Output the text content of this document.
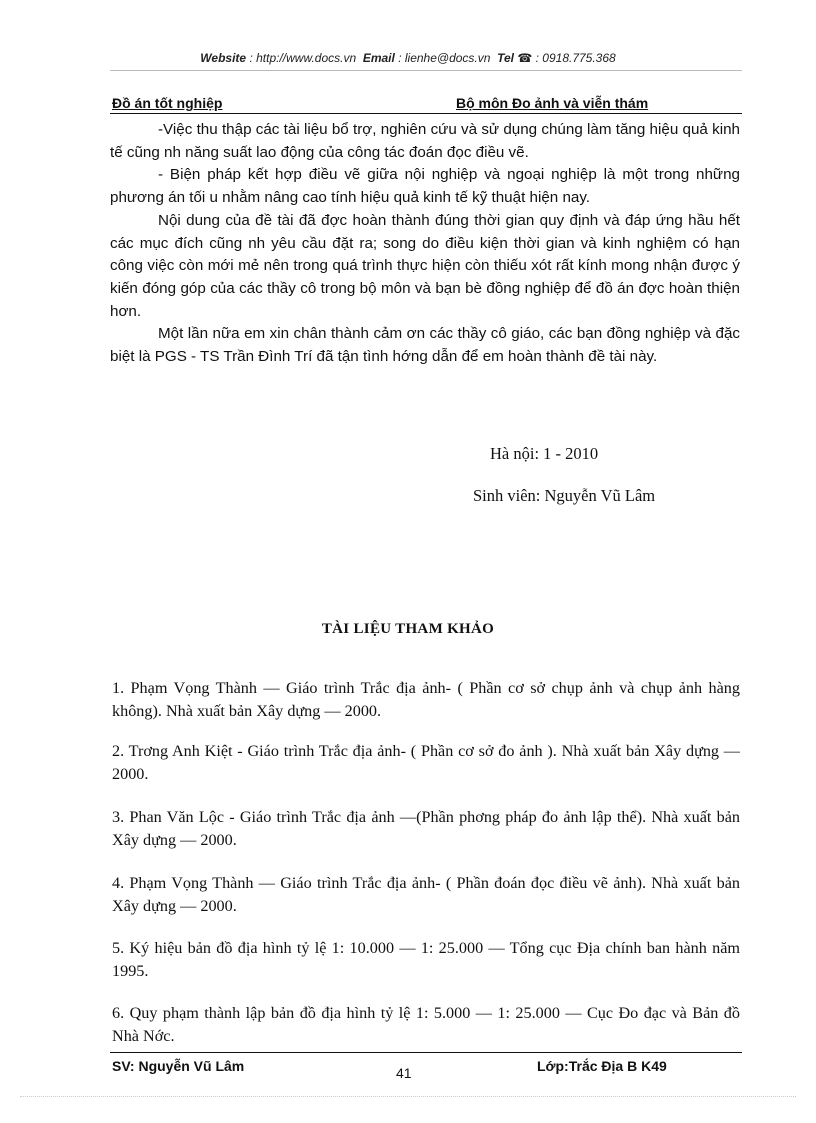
Website : http://www.docs.vn Email : lienhe@docs.vn Tel ☎ : 0918.775.368
Đồ án tốt nghiệp	Bộ môn Đo ảnh và viễn thám

-Việc thu thập các tài liệu bổ trợ, nghiên cứu và sử dụng chúng làm tăng hiệu quả kinh tế cũng nh năng suất lao động của công tác đoán đọc điều vẽ.

- Biện pháp kết hợp điều vẽ giữa nội nghiệp và ngoại nghiệp là một trong những phương án tối u nhằm nâng cao tính hiệu quả kinh tế kỹ thuật hiện nay.

Nội dung của đề tài đã đợc hoàn thành đúng thời gian quy định và đáp ứng hầu hết các mục đích cũng nh yêu cầu đặt ra; song do điều kiện thời gian và kinh nghiệm có hạn công việc còn mới mẻ nên trong quá trình thực hiện còn thiếu xót rất kính mong nhận được ý kiến đóng góp của các thầy cô trong bộ môn và bạn bè đồng nghiệp để đồ án đợc hoàn thiện hơn.

Một lần nữa em xin chân thành cảm ơn các thầy cô giáo, các bạn đồng nghiệp và đặc biệt là PGS - TS Trần Đình Trí đã tận tình hớng dẫn để em hoàn thành đề tài này.

Hà nội: 1 - 2010
Sinh viên: Nguyễn Vũ Lâm
TÀI LIỆU THAM KHẢO

1. Phạm Vọng Thành — Giáo trình Trắc địa ảnh- ( Phần cơ sở chụp ảnh và chụp ảnh hàng không). Nhà xuất bản Xây dựng — 2000.

2. Trơng Anh Kiệt - Giáo trình Trắc địa ảnh- ( Phần cơ sở đo ảnh ). Nhà xuất bản Xây dựng — 2000.

3. Phan Văn Lộc - Giáo trình Trắc địa ảnh —(Phần phơng pháp đo ảnh lập thể). Nhà xuất bản Xây dựng — 2000.

4. Phạm Vọng Thành — Giáo trình Trắc địa ảnh- ( Phần đoán đọc điều vẽ ảnh). Nhà xuất bản Xây dựng — 2000.

5. Ký hiệu bản đồ địa hình tỷ lệ 1: 10.000 — 1: 25.000 — Tổng cục Địa chính ban hành năm 1995.

6. Quy phạm thành lập bản đồ địa hình tỷ lệ 1: 5.000 — 1: 25.000 — Cục Đo đạc và Bản đồ Nhà Nớc.

SV: Nguyễn Vũ Lâm	41	Lớp:Trắc Địa B K49
